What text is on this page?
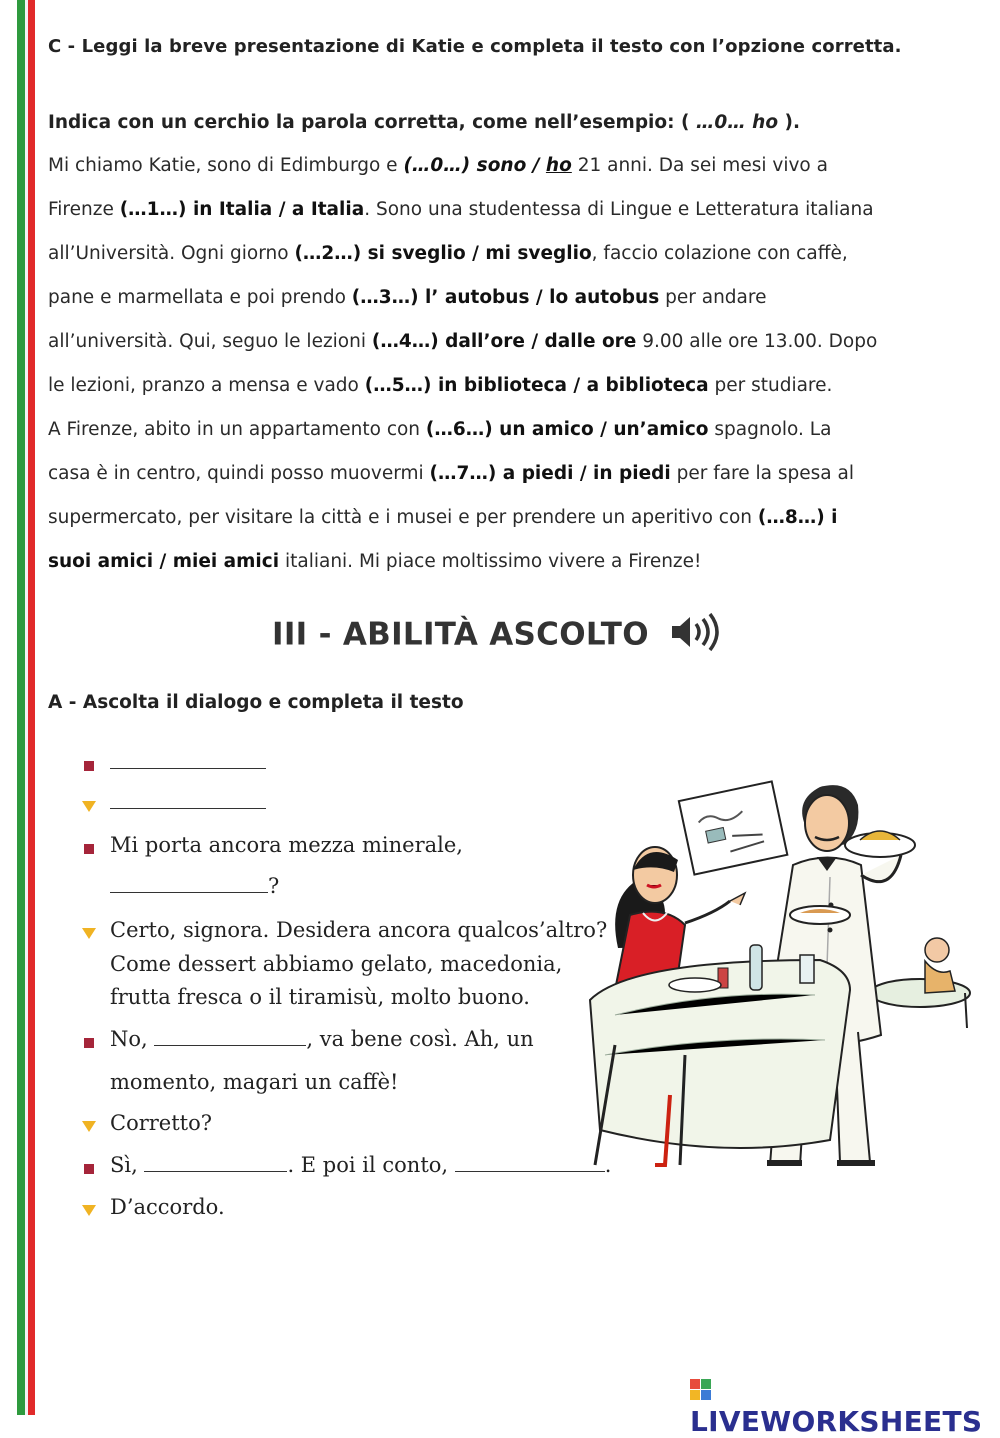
C - Leggi la breve presentazione di Katie e completa il testo con l’opzione corretta.
Indica con un cerchio la parola corretta, come nell’esempio: ( …0… ho ).
Mi chiamo Katie, sono di Edimburgo e (…0…) sono / ho 21 anni. Da sei mesi vivo a
Firenze (…1…) in Italia / a Italia. Sono una studentessa di Lingue e Letteratura italiana
all’Università. Ogni giorno (…2…) si sveglio / mi sveglio, faccio colazione con caffè,
pane e marmellata e poi prendo (…3…) l’ autobus / lo autobus per andare
all’università. Qui, seguo le lezioni (…4…) dall’ore / dalle ore 9.00 alle ore 13.00. Dopo
le lezioni, pranzo a mensa e vado (…5…) in biblioteca / a biblioteca per studiare.
A Firenze, abito in un appartamento con (…6…) un amico / un’amico spagnolo. La
casa è in centro, quindi posso muovermi (…7…) a piedi / in piedi per fare la spesa al
supermercato, per visitare la città e i musei e per prendere un aperitivo con (…8…) i
suoi amici / miei amici italiani. Mi piace moltissimo vivere a Firenze!
III - ABILITÀ ASCOLTO
A - Ascolta il dialogo e completa il testo
Mi porta ancora mezza minerale,
?
Certo, signora. Desidera ancora qualcos’altro?
Come dessert abbiamo gelato, macedonia,
frutta fresca o il tiramisù, molto buono.
No,	, va bene così. Ah, un
momento, magari un caffè!
Corretto?
Sì,	. E poi il conto,	.
D’accordo.
LIVEWORKSHEETS
